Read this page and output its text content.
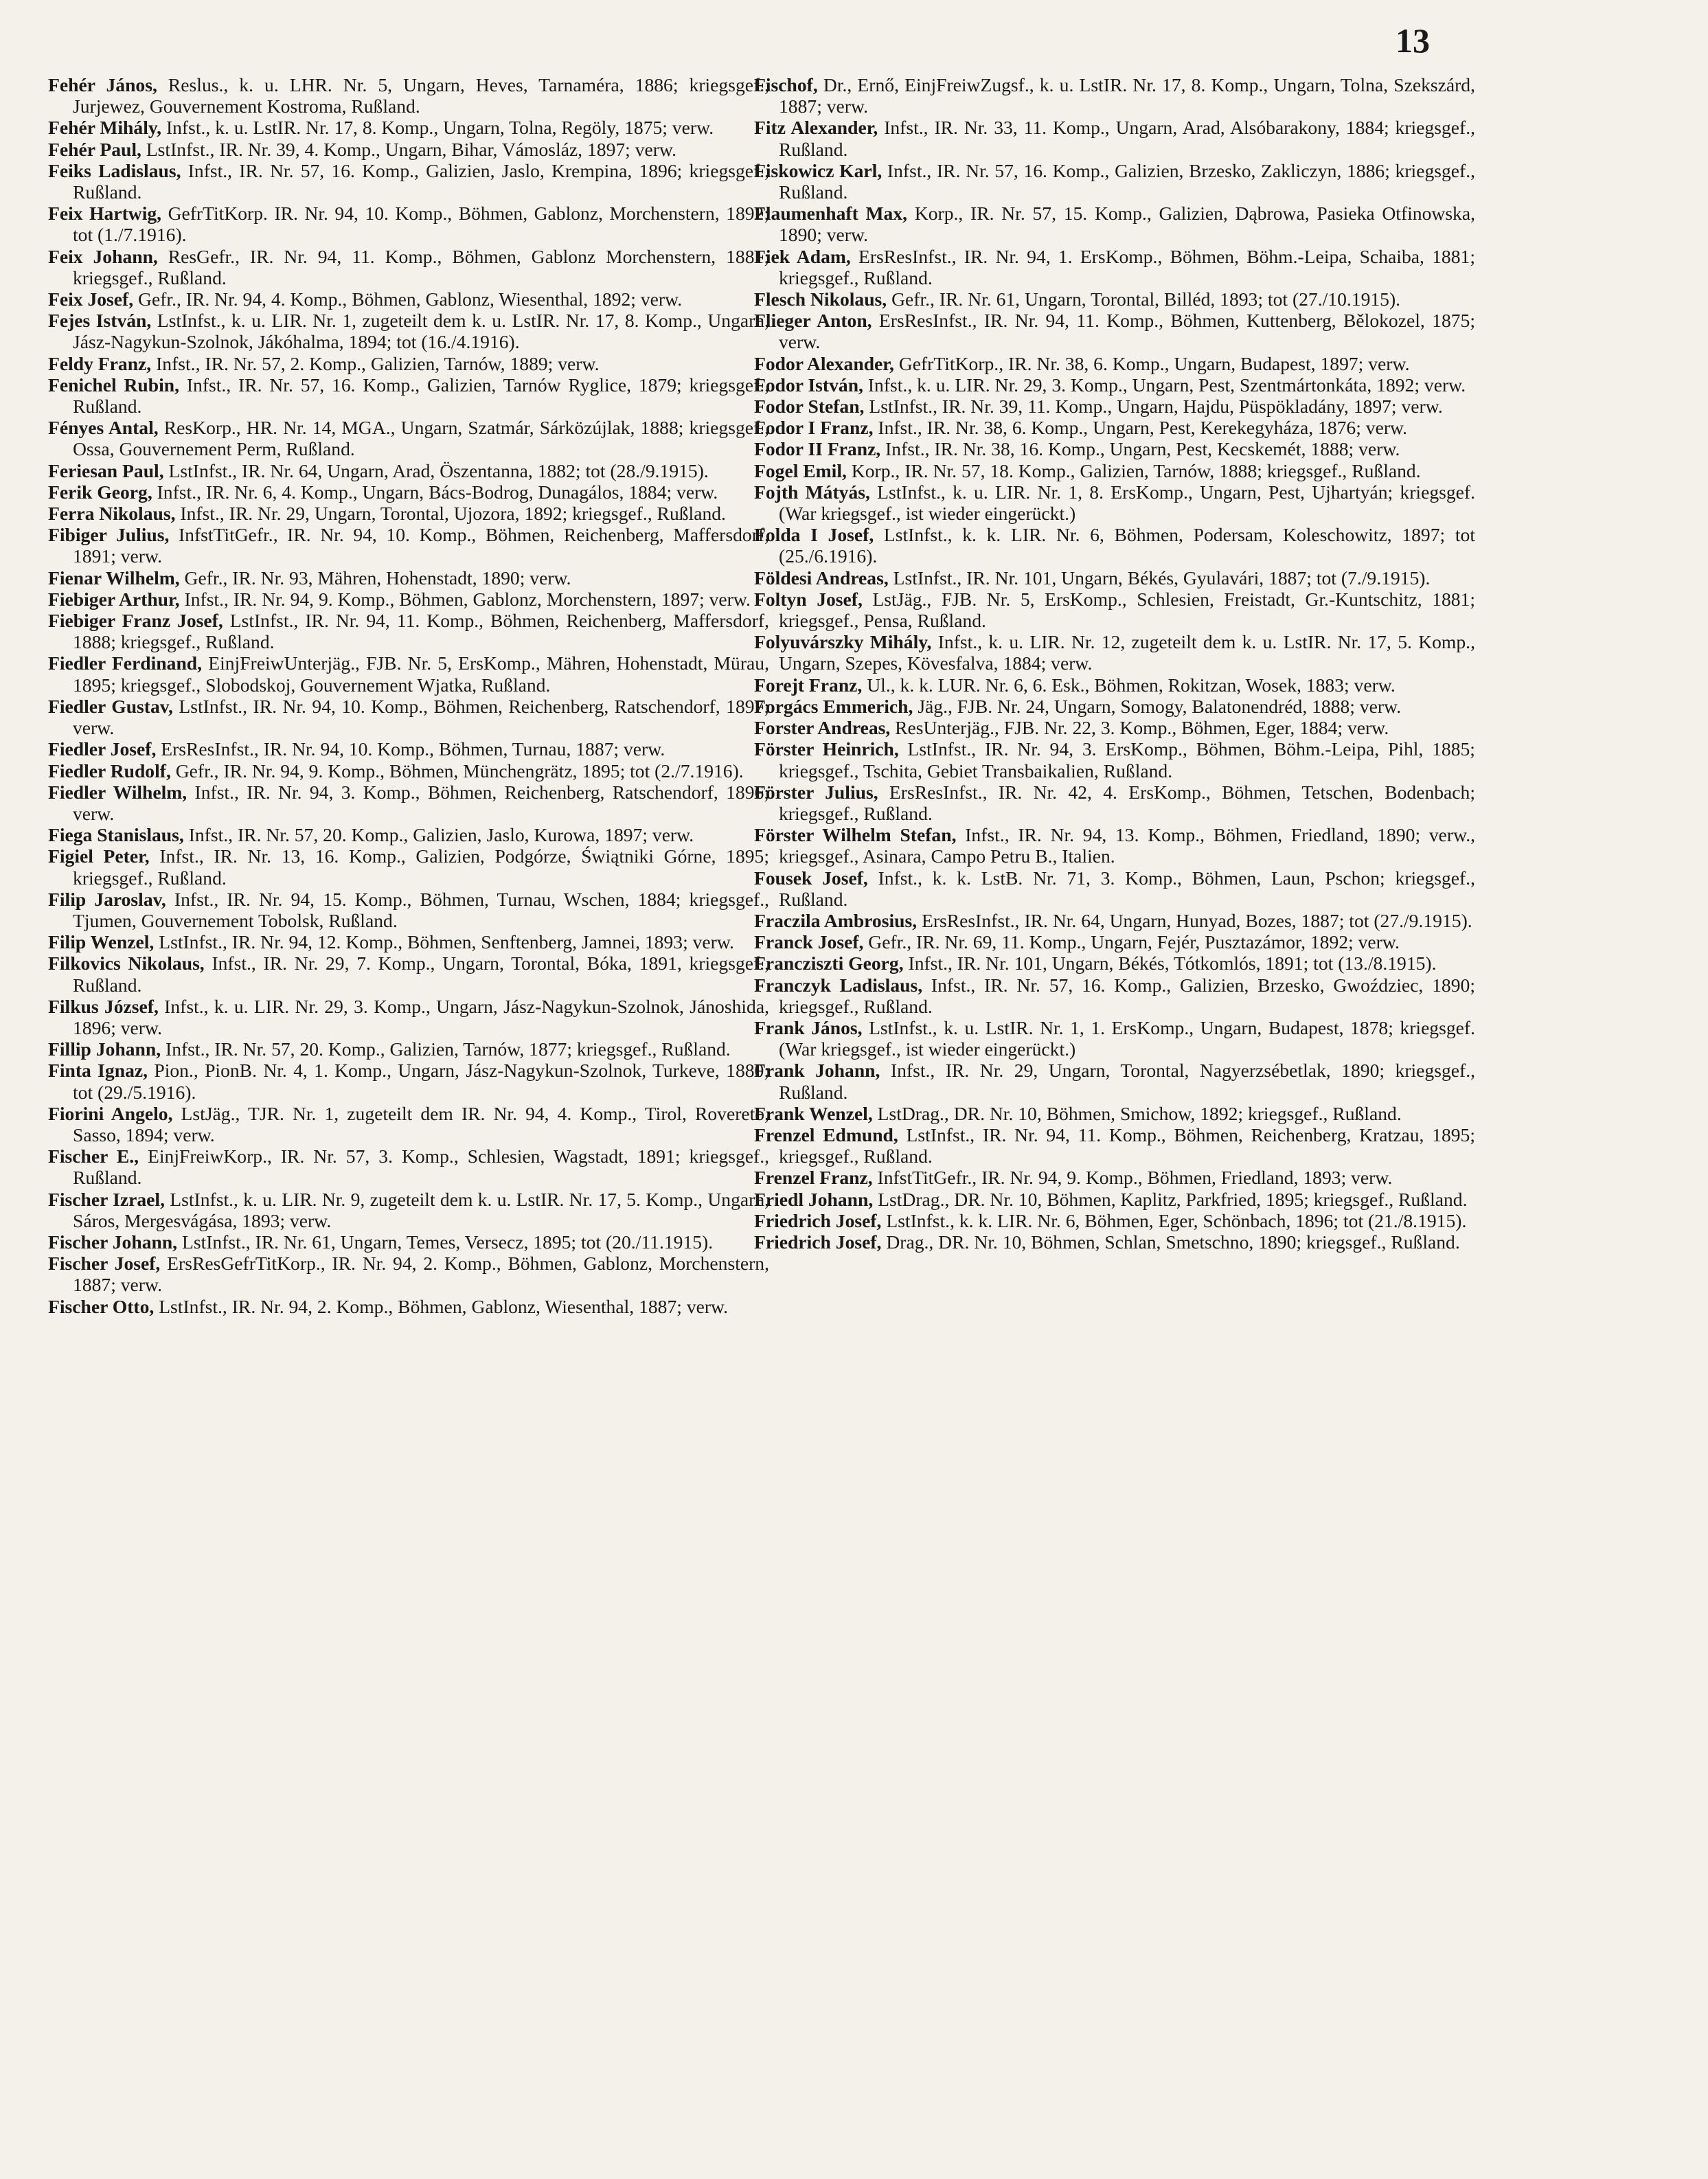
13

Fehér János, Reslus., k. u. LHR. Nr. 5, Ungarn, Heves, Tarnaméra, 1886; kriegsgef., Jurjewez, Gouvernement Kostroma, Rußland.

Fehér Mihály, Infst., k. u. LstIR. Nr. 17, 8. Komp., Ungarn, Tolna, Regöly, 1875; verw.

Fehér Paul, LstInfst., IR. Nr. 39, 4. Komp., Ungarn, Bihar, Vámosláz, 1897; verw.

Feiks Ladislaus, Infst., IR. Nr. 57, 16. Komp., Galizien, Jaslo, Krempina, 1896; kriegsgef., Rußland.

Feix Hartwig, GefrTitKorp. IR. Nr. 94, 10. Komp., Böhmen, Gablonz, Morchenstern, 1892; tot (1./7.1916).

Feix Johann, ResGefr., IR. Nr. 94, 11. Komp., Böhmen, Gablonz Morchenstern, 1881; kriegsgef., Rußland.

Feix Josef, Gefr., IR. Nr. 94, 4. Komp., Böhmen, Gablonz, Wiesenthal, 1892; verw.

Fejes István, LstInfst., k. u. LIR. Nr. 1, zugeteilt dem k. u. LstIR. Nr. 17, 8. Komp., Ungarn, Jász-Nagykun-Szolnok, Jákóhalma, 1894; tot (16./4.1916).

Feldy Franz, Infst., IR. Nr. 57, 2. Komp., Galizien, Tarnów, 1889; verw.

Fenichel Rubin, Infst., IR. Nr. 57, 16. Komp., Galizien, Tarnów Ryglice, 1879; kriegsgef., Rußland.

Fényes Antal, ResKorp., HR. Nr. 14, MGA., Ungarn, Szatmár, Sárközújlak, 1888; kriegsgef., Ossa, Gouvernement Perm, Rußland.

Feriesan Paul, LstInfst., IR. Nr. 64, Ungarn, Arad, Öszentanna, 1882; tot (28./9.1915).

Ferik Georg, Infst., IR. Nr. 6, 4. Komp., Ungarn, Bács-Bodrog, Dunagálos, 1884; verw.

Ferra Nikolaus, Infst., IR. Nr. 29, Ungarn, Torontal, Ujozora, 1892; kriegsgef., Rußland.

Fibiger Julius, InfstTitGefr., IR. Nr. 94, 10. Komp., Böhmen, Reichenberg, Maffersdorf, 1891; verw.

Fienar Wilhelm, Gefr., IR. Nr. 93, Mähren, Hohenstadt, 1890; verw.

Fiebiger Arthur, Infst., IR. Nr. 94, 9. Komp., Böhmen, Gablonz, Morchenstern, 1897; verw.

Fiebiger Franz Josef, LstInfst., IR. Nr. 94, 11. Komp., Böhmen, Reichenberg, Maffersdorf, 1888; kriegsgef., Rußland.

Fiedler Ferdinand, EinjFreiwUnterjäg., FJB. Nr. 5, ErsKomp., Mähren, Hohenstadt, Mürau, 1895; kriegsgef., Slobodskoj, Gouvernement Wjatka, Rußland.

Fiedler Gustav, LstInfst., IR. Nr. 94, 10. Komp., Böhmen, Reichenberg, Ratschendorf, 1897; verw.

Fiedler Josef, ErsResInfst., IR. Nr. 94, 10. Komp., Böhmen, Turnau, 1887; verw.

Fiedler Rudolf, Gefr., IR. Nr. 94, 9. Komp., Böhmen, Münchengrätz, 1895; tot (2./7.1916).

Fiedler Wilhelm, Infst., IR. Nr. 94, 3. Komp., Böhmen, Reichenberg, Ratschendorf, 1896; verw.

Fiega Stanislaus, Infst., IR. Nr. 57, 20. Komp., Galizien, Jaslo, Kurowa, 1897; verw.

Figiel Peter, Infst., IR. Nr. 13, 16. Komp., Galizien, Podgórze, Świątniki Górne, 1895; kriegsgef., Rußland.

Filip Jaroslav, Infst., IR. Nr. 94, 15. Komp., Böhmen, Turnau, Wschen, 1884; kriegsgef., Tjumen, Gouvernement Tobolsk, Rußland.

Filip Wenzel, LstInfst., IR. Nr. 94, 12. Komp., Böhmen, Senftenberg, Jamnei, 1893; verw.

Filkovics Nikolaus, Infst., IR. Nr. 29, 7. Komp., Ungarn, Torontal, Bóka, 1891, kriegsgef., Rußland.

Filkus József, Infst., k. u. LIR. Nr. 29, 3. Komp., Ungarn, Jász-Nagykun-Szolnok, Jánoshida, 1896; verw.

Fillip Johann, Infst., IR. Nr. 57, 20. Komp., Galizien, Tarnów, 1877; kriegsgef., Rußland.

Finta Ignaz, Pion., PionB. Nr. 4, 1. Komp., Ungarn, Jász-Nagykun-Szolnok, Turkeve, 1880; tot (29./5.1916).

Fiorini Angelo, LstJäg., TJR. Nr. 1, zugeteilt dem IR. Nr. 94, 4. Komp., Tirol, Rovereto, Sasso, 1894; verw.

Fischer E., EinjFreiwKorp., IR. Nr. 57, 3. Komp., Schlesien, Wagstadt, 1891; kriegsgef., Rußland.

Fischer Izrael, LstInfst., k. u. LIR. Nr. 9, zugeteilt dem k. u. LstIR. Nr. 17, 5. Komp., Ungarn, Sáros, Mergesvágása, 1893; verw.

Fischer Johann, LstInfst., IR. Nr. 61, Ungarn, Temes, Versecz, 1895; tot (20./11.1915).

Fischer Josef, ErsResGefrTitKorp., IR. Nr. 94, 2. Komp., Böhmen, Gablonz, Morchenstern, 1887; verw.

Fischer Otto, LstInfst., IR. Nr. 94, 2. Komp., Böhmen, Gablonz, Wiesenthal, 1887; verw.

Fischof, Dr., Ernő, EinjFreiwZugsf., k. u. LstIR. Nr. 17, 8. Komp., Ungarn, Tolna, Szekszárd, 1887; verw.

Fitz Alexander, Infst., IR. Nr. 33, 11. Komp., Ungarn, Arad, Alsóbarakony, 1884; kriegsgef., Rußland.

Fiskowicz Karl, Infst., IR. Nr. 57, 16. Komp., Galizien, Brzesko, Zakliczyn, 1886; kriegsgef., Rußland.

Flaumenhaft Max, Korp., IR. Nr. 57, 15. Komp., Galizien, Dąbrowa, Pasieka Otfinowska, 1890; verw.

Fiek Adam, ErsResInfst., IR. Nr. 94, 1. ErsKomp., Böhmen, Böhm.-Leipa, Schaiba, 1881; kriegsgef., Rußland.

Flesch Nikolaus, Gefr., IR. Nr. 61, Ungarn, Torontal, Billéd, 1893; tot (27./10.1915).

Flieger Anton, ErsResInfst., IR. Nr. 94, 11. Komp., Böhmen, Kuttenberg, Bělokozel, 1875; verw.

Fodor Alexander, GefrTitKorp., IR. Nr. 38, 6. Komp., Ungarn, Budapest, 1897; verw.

Fodor István, Infst., k. u. LIR. Nr. 29, 3. Komp., Ungarn, Pest, Szentmártonkáta, 1892; verw.

Fodor Stefan, LstInfst., IR. Nr. 39, 11. Komp., Ungarn, Hajdu, Püspökladány, 1897; verw.

Fodor I Franz, Infst., IR. Nr. 38, 6. Komp., Ungarn, Pest, Kerekegyháza, 1876; verw.

Fodor II Franz, Infst., IR. Nr. 38, 16. Komp., Ungarn, Pest, Kecskemét, 1888; verw.

Fogel Emil, Korp., IR. Nr. 57, 18. Komp., Galizien, Tarnów, 1888; kriegsgef., Rußland.

Fojth Mátyás, LstInfst., k. u. LIR. Nr. 1, 8. ErsKomp., Ungarn, Pest, Ujhartyán; kriegsgef. (War kriegsgef., ist wieder eingerückt.)

Folda I Josef, LstInfst., k. k. LIR. Nr. 6, Böhmen, Podersam, Koleschowitz, 1897; tot (25./6.1916).

Földesi Andreas, LstInfst., IR. Nr. 101, Ungarn, Békés, Gyulavári, 1887; tot (7./9.1915).

Foltyn Josef, LstJäg., FJB. Nr. 5, ErsKomp., Schlesien, Freistadt, Gr.-Kuntschitz, 1881; kriegsgef., Pensa, Rußland.

Folyuvárszky Mihály, Infst., k. u. LIR. Nr. 12, zugeteilt dem k. u. LstIR. Nr. 17, 5. Komp., Ungarn, Szepes, Kövesfalva, 1884; verw.

Forejt Franz, Ul., k. k. LUR. Nr. 6, 6. Esk., Böhmen, Rokitzan, Wosek, 1883; verw.

Forgács Emmerich, Jäg., FJB. Nr. 24, Ungarn, Somogy, Balatonendréd, 1888; verw.

Forster Andreas, ResUnterjäg., FJB. Nr. 22, 3. Komp., Böhmen, Eger, 1884; verw.

Förster Heinrich, LstInfst., IR. Nr. 94, 3. ErsKomp., Böhmen, Böhm.-Leipa, Pihl, 1885; kriegsgef., Tschita, Gebiet Transbaikalien, Rußland.

Förster Julius, ErsResInfst., IR. Nr. 42, 4. ErsKomp., Böhmen, Tetschen, Bodenbach; kriegsgef., Rußland.

Förster Wilhelm Stefan, Infst., IR. Nr. 94, 13. Komp., Böhmen, Friedland, 1890; verw., kriegsgef., Asinara, Campo Petru B., Italien.

Fousek Josef, Infst., k. k. LstB. Nr. 71, 3. Komp., Böhmen, Laun, Pschon; kriegsgef., Rußland.

Fraczila Ambrosius, ErsResInfst., IR. Nr. 64, Ungarn, Hunyad, Bozes, 1887; tot (27./9.1915).

Franck Josef, Gefr., IR. Nr. 69, 11. Komp., Ungarn, Fejér, Pusztazámor, 1892; verw.

Francziszti Georg, Infst., IR. Nr. 101, Ungarn, Békés, Tótkomlós, 1891; tot (13./8.1915).

Franczyk Ladislaus, Infst., IR. Nr. 57, 16. Komp., Galizien, Brzesko, Gwoździec, 1890; kriegsgef., Rußland.

Frank János, LstInfst., k. u. LstIR. Nr. 1, 1. ErsKomp., Ungarn, Budapest, 1878; kriegsgef. (War kriegsgef., ist wieder eingerückt.)

Frank Johann, Infst., IR. Nr. 29, Ungarn, Torontal, Nagyerzsébetlak, 1890; kriegsgef., Rußland.

Frank Wenzel, LstDrag., DR. Nr. 10, Böhmen, Smichow, 1892; kriegsgef., Rußland.

Frenzel Edmund, LstInfst., IR. Nr. 94, 11. Komp., Böhmen, Reichenberg, Kratzau, 1895; kriegsgef., Rußland.

Frenzel Franz, InfstTitGefr., IR. Nr. 94, 9. Komp., Böhmen, Friedland, 1893; verw.

Friedl Johann, LstDrag., DR. Nr. 10, Böhmen, Kaplitz, Parkfried, 1895; kriegsgef., Rußland.

Friedrich Josef, LstInfst., k. k. LIR. Nr. 6, Böhmen, Eger, Schönbach, 1896; tot (21./8.1915).

Friedrich Josef, Drag., DR. Nr. 10, Böhmen, Schlan, Smetschno, 1890; kriegsgef., Rußland.
